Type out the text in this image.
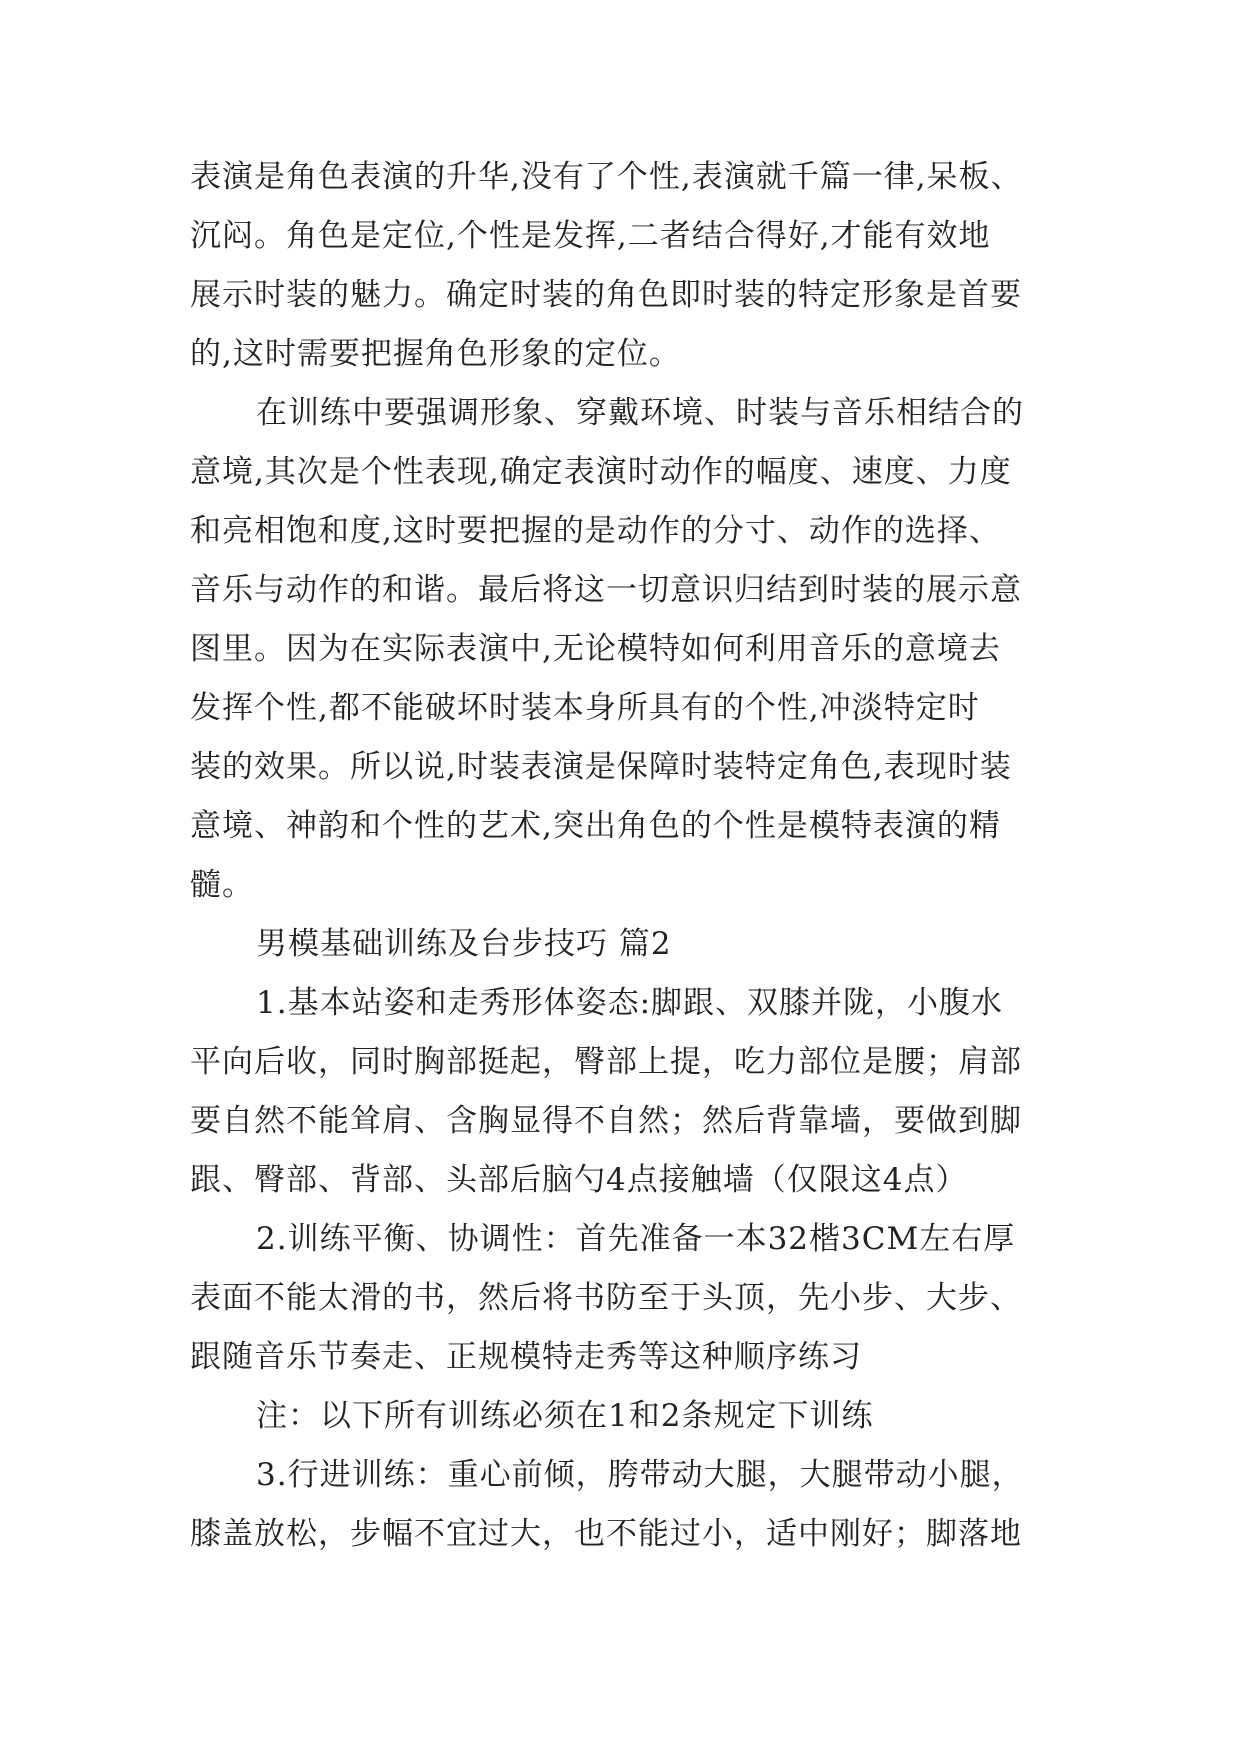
表演是角色表演的升华,没有了个性,表演就千篇一律,呆板、
沉闷。角色是定位,个性是发挥,二者结合得好,才能有效地
展示时装的魅力。确定时装的角色即时装的特定形象是首要
的,这时需要把握角色形象的定位。
在训练中要强调形象、穿戴环境、时装与音乐相结合的
意境,其次是个性表现,确定表演时动作的幅度、速度、力度
和亮相饱和度,这时要把握的是动作的分寸、动作的选择、
音乐与动作的和谐。最后将这一切意识归结到时装的展示意
图里。因为在实际表演中,无论模特如何利用音乐的意境去
发挥个性,都不能破坏时装本身所具有的个性,冲淡特定时
装的效果。所以说,时装表演是保障时装特定角色,表现时装
意境、神韵和个性的艺术,突出角色的个性是模特表演的精
髓。
男模基础训练及台步技巧 篇2
1.基本站姿和走秀形体姿态:脚跟、双膝并陇，小腹水
平向后收，同时胸部挺起，臀部上提，吃力部位是腰；肩部
要自然不能耸肩、含胸显得不自然；然后背靠墙，要做到脚
跟、臀部、背部、头部后脑勺4点接触墙（仅限这4点）
2.训练平衡、协调性：首先准备一本32楷3CM左右厚
表面不能太滑的书，然后将书防至于头顶，先小步、大步、
跟随音乐节奏走、正规模特走秀等这种顺序练习
注：以下所有训练必须在1和2条规定下训练
3.行进训练：重心前倾，胯带动大腿，大腿带动小腿，
膝盖放松，步幅不宜过大，也不能过小，适中刚好；脚落地
